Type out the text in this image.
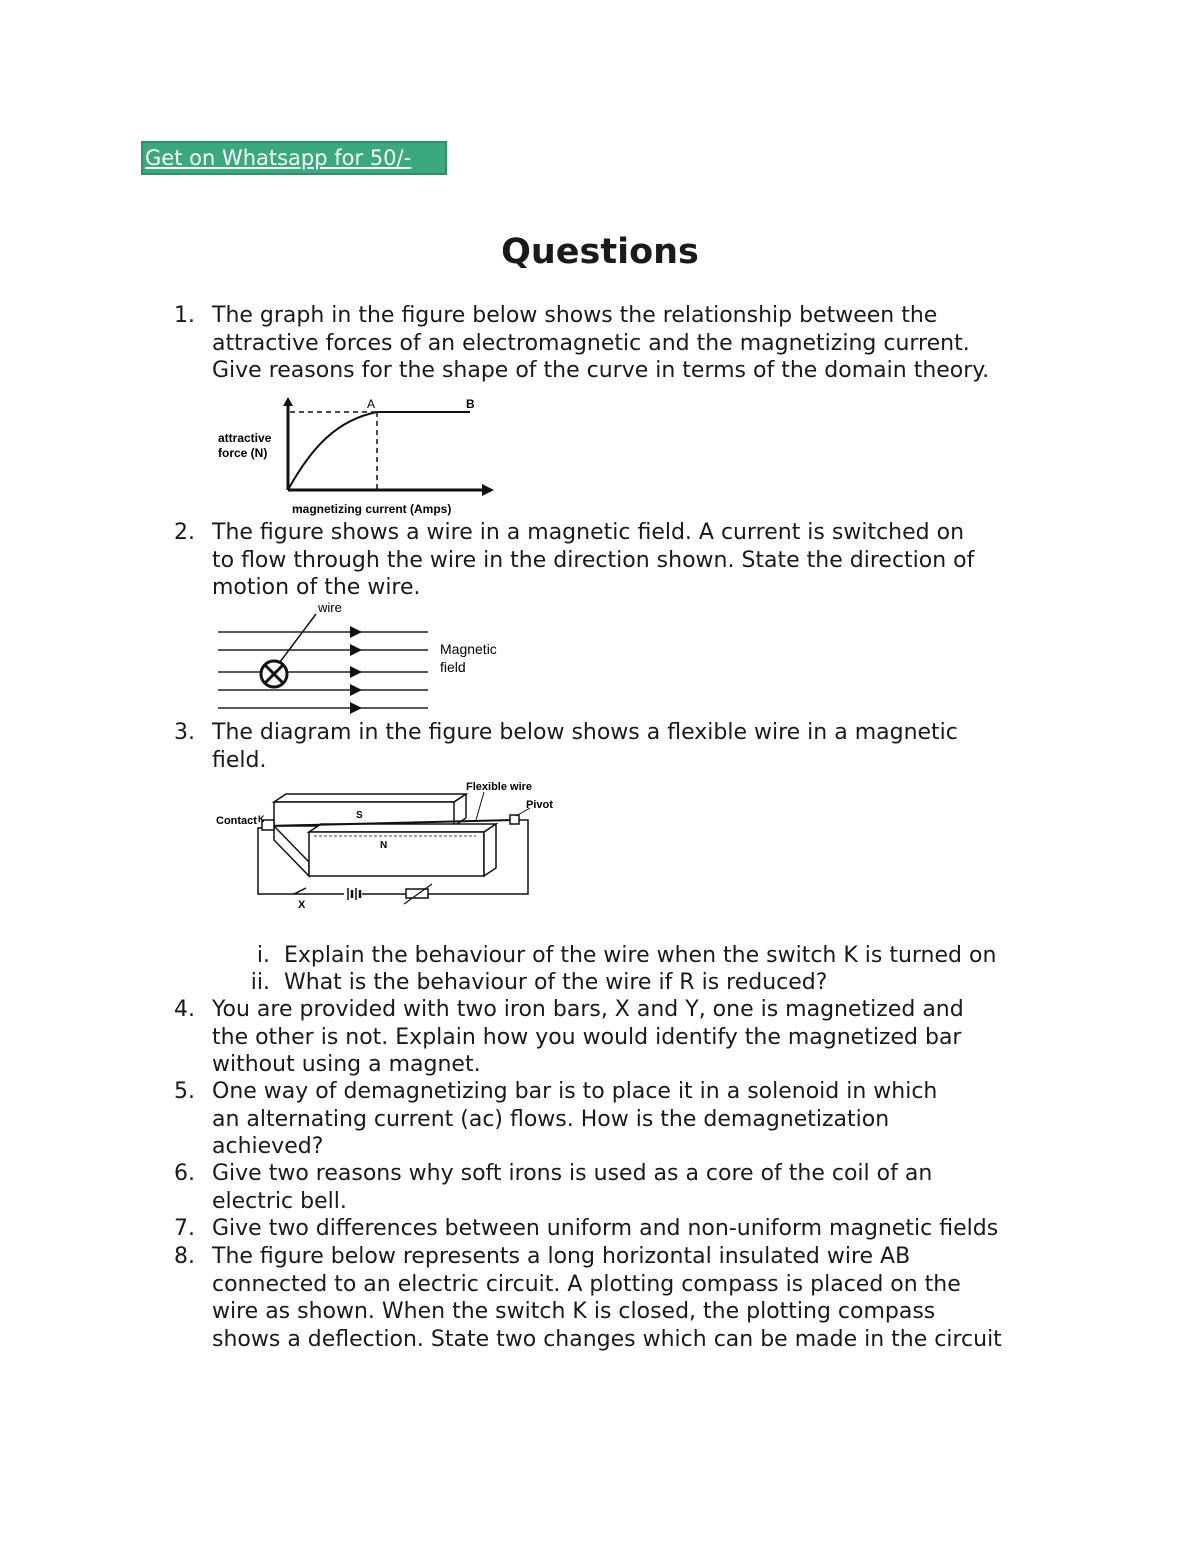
Get on Whatsapp for 50/-
Questions
1. The graph in the figure below shows the relationship between the
attractive forces of an electromagnetic and the magnetizing current.
Give reasons for the shape of the curve in terms of the domain theory.
A	B
attractive
force (N)
magnetizing current (Amps)
2. The figure shows a wire in a magnetic field. A current is switched on
to flow through the wire in the direction shown. State the direction of
motion of the wire.
wire
Magnetic
field
3. The diagram in the figure below shows a flexible wire in a magnetic
field.
S
N
Flexible wire
Pivot
Contact K
X
i. Explain the behaviour of the wire when the switch K is turned on
ii. What is the behaviour of the wire if R is reduced?
4. You are provided with two iron bars, X and Y, one is magnetized and
the other is not. Explain how you would identify the magnetized bar
without using a magnet.
5. One way of demagnetizing bar is to place it in a solenoid in which
an alternating current (ac) flows. How is the demagnetization
achieved?
6. Give two reasons why soft irons is used as a core of the coil of an
electric bell.
7. Give two differences between uniform and non-uniform magnetic fields
8. The figure below represents a long horizontal insulated wire AB
connected to an electric circuit. A plotting compass is placed on the
wire as shown. When the switch K is closed, the plotting compass
shows a deflection. State two changes which can be made in the circuit
